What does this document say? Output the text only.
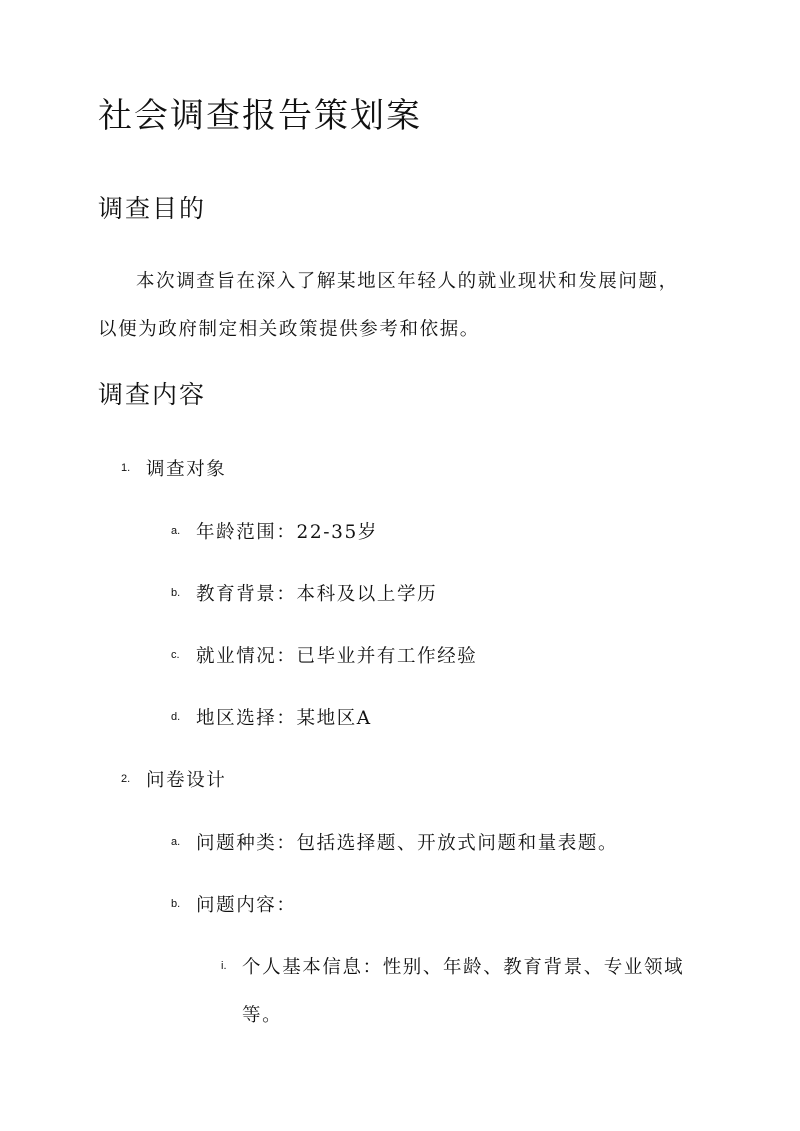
社会调查报告策划案
调查目的

本次调查旨在深入了解某地区年轻人的就业现状和发展问题，

以便为政府制定相关政策提供参考和依据。

调查内容
1. 调查对象
a. 年龄范围：22-35岁
b. 教育背景：本科及以上学历
c. 就业情况：已毕业并有工作经验
d. 地区选择：某地区A
2. 问卷设计
a. 问题种类：包括选择题、开放式问题和量表题。
b. 问题内容：
i. 个人基本信息：性别、年龄、教育背景、专业领域

等。
